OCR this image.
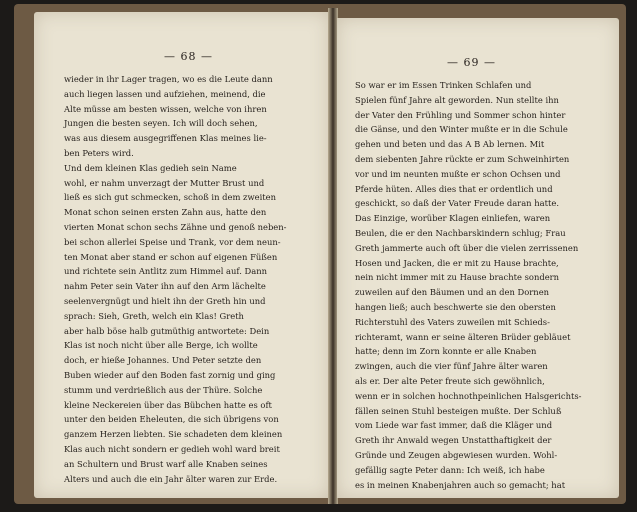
— 68 —
wieder in ihr Lager tragen, wo es die Leute dann
auch liegen lassen und aufziehen, meinend, die
Alte müsse am besten wissen, welche von ihren
Jungen die besten seyen. Ich will doch sehen,
was aus diesem ausgegriffenen Klas meines lie-
ben Peters wird.
Und dem kleinen Klas gedieh sein Name
wohl, er nahm unverzagt der Mutter Brust und
ließ es sich gut schmecken, schoß in dem zweiten
Monat schon seinen ersten Zahn aus, hatte den
vierten Monat schon sechs Zähne und genoß neben-
bei schon allerlei Speise und Trank, vor dem neun-
ten Monat aber stand er schon auf eigenen Füßen
und richtete sein Antlitz zum Himmel auf. Dann
nahm Peter sein Vater ihn auf den Arm lächelte
seelenvergnügt und hielt ihn der Greth hin und
sprach: Sieh, Greth, welch ein Klas! Greth
aber halb böse halb gutmüthig antwortete: Dein
Klas ist noch nicht über alle Berge, ich wollte
doch, er hieße Johannes. Und Peter setzte den
Buben wieder auf den Boden fast zornig und ging
stumm und verdrießlich aus der Thüre. Solche
kleine Neckereien über das Bübchen hatte es oft
unter den beiden Eheleuten, die sich übrigens von
ganzem Herzen liebten. Sie schadeten dem kleinen
Klas auch nicht sondern er gedieh wohl ward breit
an Schultern und Brust warf alle Knaben seines
Alters und auch die ein Jahr älter waren zur Erde.
— 69 —
So war er im Essen Trinken Schlafen und
Spielen fünf Jahre alt geworden. Nun stellte ihn
der Vater den Frühling und Sommer schon hinter
die Gänse, und den Winter mußte er in die Schule
gehen und beten und das A B Ab lernen. Mit
dem siebenten Jahre rückte er zum Schweinhirten
vor und im neunten mußte er schon Ochsen und
Pferde hüten. Alles dies that er ordentlich und
geschickt, so daß der Vater Freude daran hatte.
Das Einzige, worüber Klagen einliefen, waren
Beulen, die er den Nachbarskindern schlug; Frau
Greth jammerte auch oft über die vielen zerrissenen
Hosen und Jacken, die er mit zu Hause brachte,
nein nicht immer mit zu Hause brachte sondern
zuweilen auf den Bäumen und an den Dornen
hangen ließ; auch beschwerte sie den obersten
Richterstuhl des Vaters zuweilen mit Schieds-
richteramt, wann er seine älteren Brüder gebläuet
hatte; denn im Zorn konnte er alle Knaben
zwingen, auch die vier fünf Jahre älter waren
als er. Der alte Peter freute sich gewöhnlich,
wenn er in solchen hochnothpeinlichen Halsgerichts-
fällen seinen Stuhl besteigen mußte. Der Schluß
vom Liede war fast immer, daß die Kläger und
Greth ihr Anwald wegen Unstatthaftigkeit der
Gründe und Zeugen abgewiesen wurden. Wohl-
gefällig sagte Peter dann: Ich weiß, ich habe
es in meinen Knabenjahren auch so gemacht; hat
